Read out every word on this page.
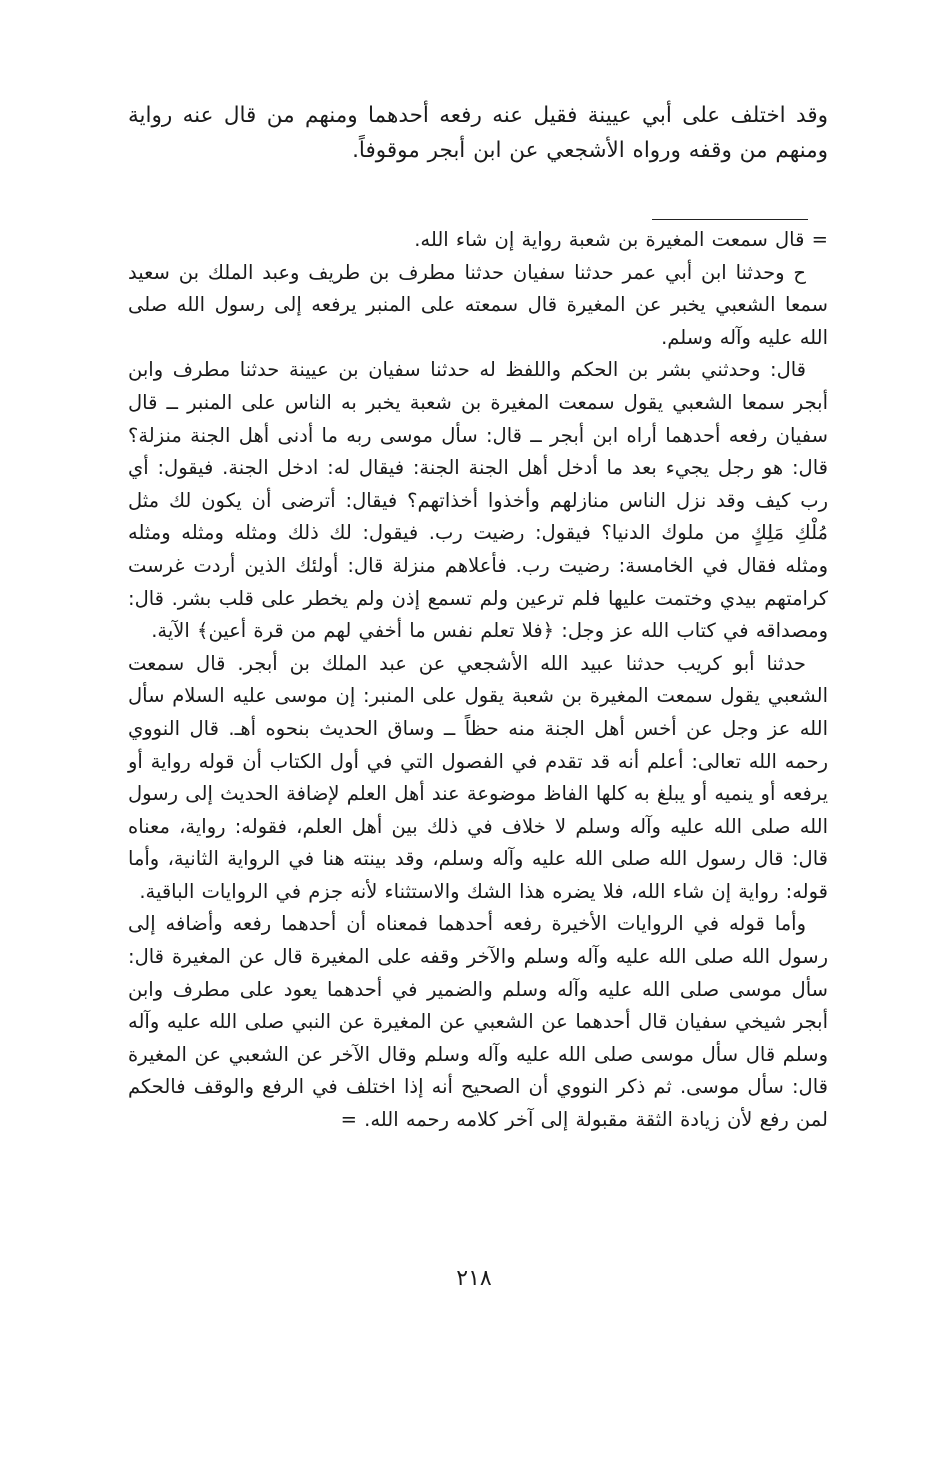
وقد اختلف على أبي عيينة فقيل عنه رفعه أحدهما ومنهم من قال عنه رواية ومنهم من وقفه ورواه الأشجعي عن ابن أبجر موقوفاً.

= قال سمعت المغيرة بن شعبة رواية إن شاء الله.

ح وحدثنا ابن أبي عمر حدثنا سفيان حدثنا مطرف بن طريف وعبد الملك بن سعيد سمعا الشعبي يخبر عن المغيرة قال سمعته على المنبر يرفعه إلى رسول الله صلى الله عليه وآله وسلم.

قال: وحدثني بشر بن الحكم واللفظ له حدثنا سفيان بن عيينة حدثنا مطرف وابن أبجر سمعا الشعبي يقول سمعت المغيرة بن شعبة يخبر به الناس على المنبر ــ قال سفيان رفعه أحدهما أراه ابن أبجر ــ قال: سأل موسى ربه ما أدنى أهل الجنة منزلة؟ قال: هو رجل يجيء بعد ما أدخل أهل الجنة الجنة: فيقال له: ادخل الجنة. فيقول: أي رب كيف وقد نزل الناس منازلهم وأخذوا أخذاتهم؟ فيقال: أترضى أن يكون لك مثل مُلْكِ مَلِكٍ من ملوك الدنيا؟ فيقول: رضيت رب. فيقول: لك ذلك ومثله ومثله ومثله ومثله فقال في الخامسة: رضيت رب. فأعلاهم منزلة قال: أولئك الذين أردت غرست كرامتهم بيدي وختمت عليها فلم ترعين ولم تسمع إذن ولم يخطر على قلب بشر. قال: ومصداقه في كتاب الله عز وجل: ﴿فلا تعلم نفس ما أخفي لهم من قرة أعين﴾ الآية.

حدثنا أبو كريب حدثنا عبيد الله الأشجعي عن عبد الملك بن أبجر. قال سمعت الشعبي يقول سمعت المغيرة بن شعبة يقول على المنبر: إن موسى عليه السلام سأل الله عز وجل عن أخس أهل الجنة منه حظاً ــ وساق الحديث بنحوه أهـ. قال النووي رحمه الله تعالى: أعلم أنه قد تقدم في الفصول التي في أول الكتاب أن قوله رواية أو يرفعه أو ينميه أو يبلغ به كلها الفاظ موضوعة عند أهل العلم لإضافة الحديث إلى رسول الله صلى الله عليه وآله وسلم لا خلاف في ذلك بين أهل العلم، فقوله: رواية، معناه قال: قال رسول الله صلى الله عليه وآله وسلم، وقد بينته هنا في الرواية الثانية، وأما قوله: رواية إن شاء الله، فلا يضره هذا الشك والاستثناء لأنه جزم في الروايات الباقية.

وأما قوله في الروايات الأخيرة رفعه أحدهما فمعناه أن أحدهما رفعه وأضافه إلى رسول الله صلى الله عليه وآله وسلم والآخر وقفه على المغيرة قال عن المغيرة قال: سأل موسى صلى الله عليه وآله وسلم والضمير في أحدهما يعود على مطرف وابن أبجر شيخي سفيان قال أحدهما عن الشعبي عن المغيرة عن النبي صلى الله عليه وآله وسلم قال سأل موسى صلى الله عليه وآله وسلم وقال الآخر عن الشعبي عن المغيرة قال: سأل موسى. ثم ذكر النووي أن الصحيح أنه إذا اختلف في الرفع والوقف فالحكم لمن رفع لأن زيادة الثقة مقبولة إلى آخر كلامه رحمه الله. =

٢١٨
